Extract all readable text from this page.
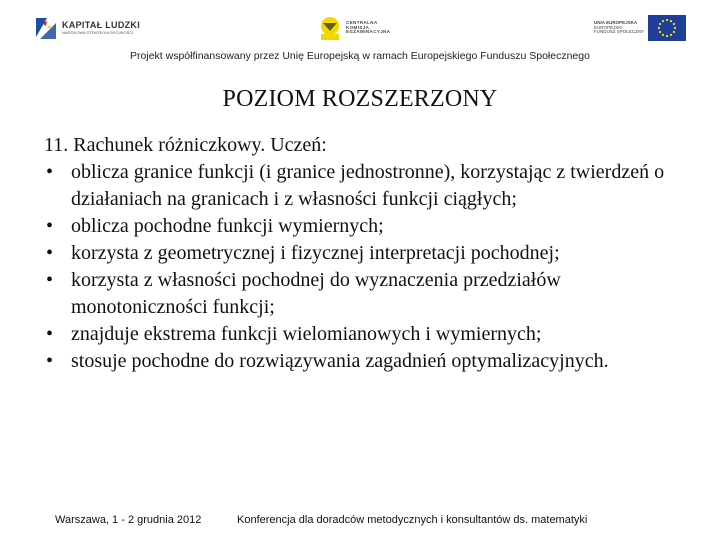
KAPITAŁ LUDZKI
NARODOWA STRATEGIA SPÓJNOŚCI
CENTRALNA
KOMISJA
EGZAMINACYJNA
UNIA EUROPEJSKA
EUROPEJSKI
FUNDUSZ SPOŁECZNY
Projekt współfinansowany przez Unię Europejską w ramach Europejskiego Funduszu Społecznego
POZIOM ROZSZERZONY

11. Rachunek różniczkowy. Uczeń:

• oblicza granice funkcji (i granice jednostronne), korzystając z twierdzeń o działaniach na granicach i z własności funkcji ciągłych;
• oblicza pochodne funkcji wymiernych;
• korzysta z geometrycznej i fizycznej interpretacji pochodnej;
• korzysta z własności pochodnej do wyznaczenia przedziałów monotoniczności funkcji;
• znajduje ekstrema funkcji wielomianowych i wymiernych;
• stosuje pochodne do rozwiązywania zagadnień optymalizacyjnych.
Warszawa, 1 - 2 grudnia 2012	Konferencja dla doradców metodycznych i konsultantów ds. matematyki
